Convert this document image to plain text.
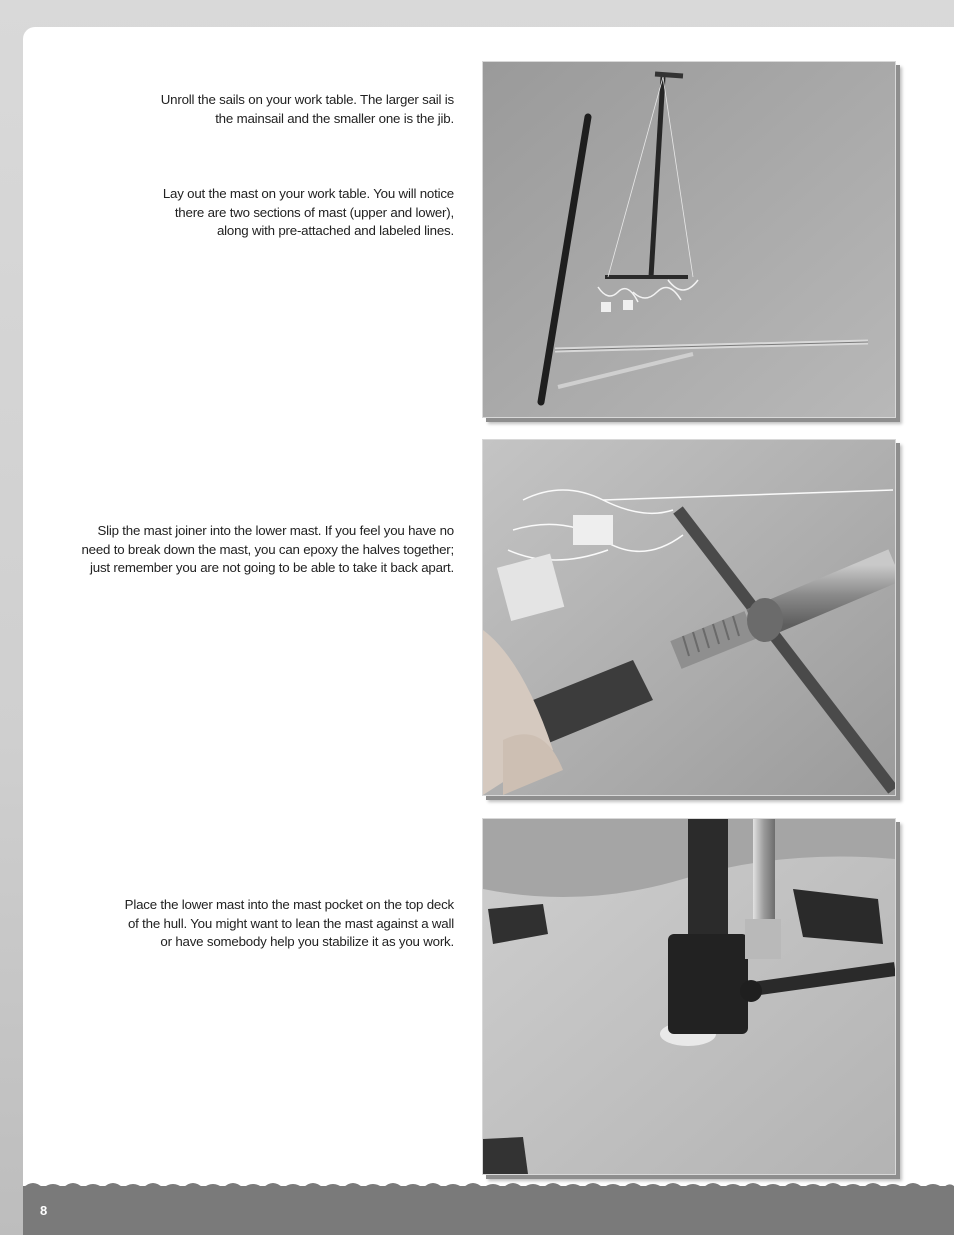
Unroll the sails on your work table. The larger sail is
the mainsail and the smaller one is the jib.

Lay out the mast on your work table. You will notice
there are two sections of mast (upper and lower),
along with pre-attached and labeled lines.

Slip the mast joiner into the lower mast. If you feel you have no
need to break down the mast, you can epoxy the halves together;
just remember you are not going to be able to take it back apart.

Place the lower mast into the mast pocket on the top deck
of the hull. You might want to lean the mast against a wall
or have somebody help you stabilize it as you work.

8
